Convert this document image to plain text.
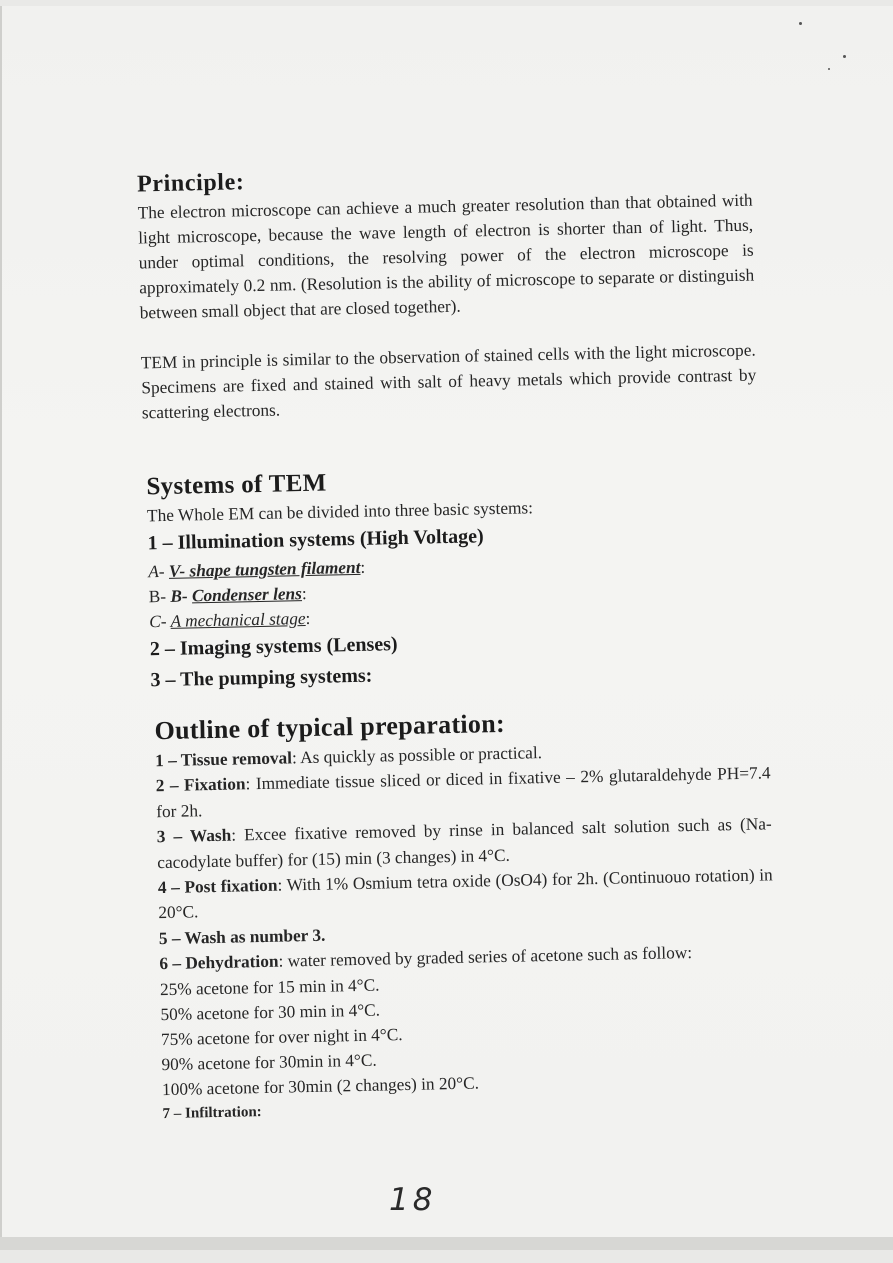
Principle:

The electron microscope can achieve a much greater resolution than that obtained with light microscope, because the wave length of electron is shorter than of light. Thus, under optimal conditions, the resolving power of the electron microscope is approximately 0.2 nm. (Resolution is the ability of microscope to separate or distinguish between small object that are closed together).

TEM in principle is similar to the observation of stained cells with the light microscope. Specimens are fixed and stained with salt of heavy metals which provide contrast by scattering electrons.

Systems of TEM

The Whole EM can be divided into three basic systems:

1 – Illumination systems (High Voltage)

A- V- shape tungsten filament:

B- B- Condenser lens:

C- A mechanical stage:

2 – Imaging systems (Lenses)

3 – The pumping systems:

Outline of typical preparation:

1 – Tissue removal: As quickly as possible or practical.

2 – Fixation: Immediate tissue sliced or diced in fixative – 2% glutaraldehyde PH=7.4 for 2h.

3 – Wash: Excee fixative removed by rinse in balanced salt solution such as (Na-cacodylate buffer) for (15) min (3 changes) in 4°C.

4 – Post fixation: With 1% Osmium tetra oxide (OsO4) for 2h. (Continuouo rotation) in 20°C.

5 – Wash as number 3.

6 – Dehydration: water removed by graded series of acetone such as follow:

25% acetone for 15 min in 4°C.

50% acetone for 30 min in 4°C.

75% acetone for over night in 4°C.

90% acetone for 30min in 4°C.

100% acetone for 30min (2 changes) in 20°C.

7 – Infiltration:

18
